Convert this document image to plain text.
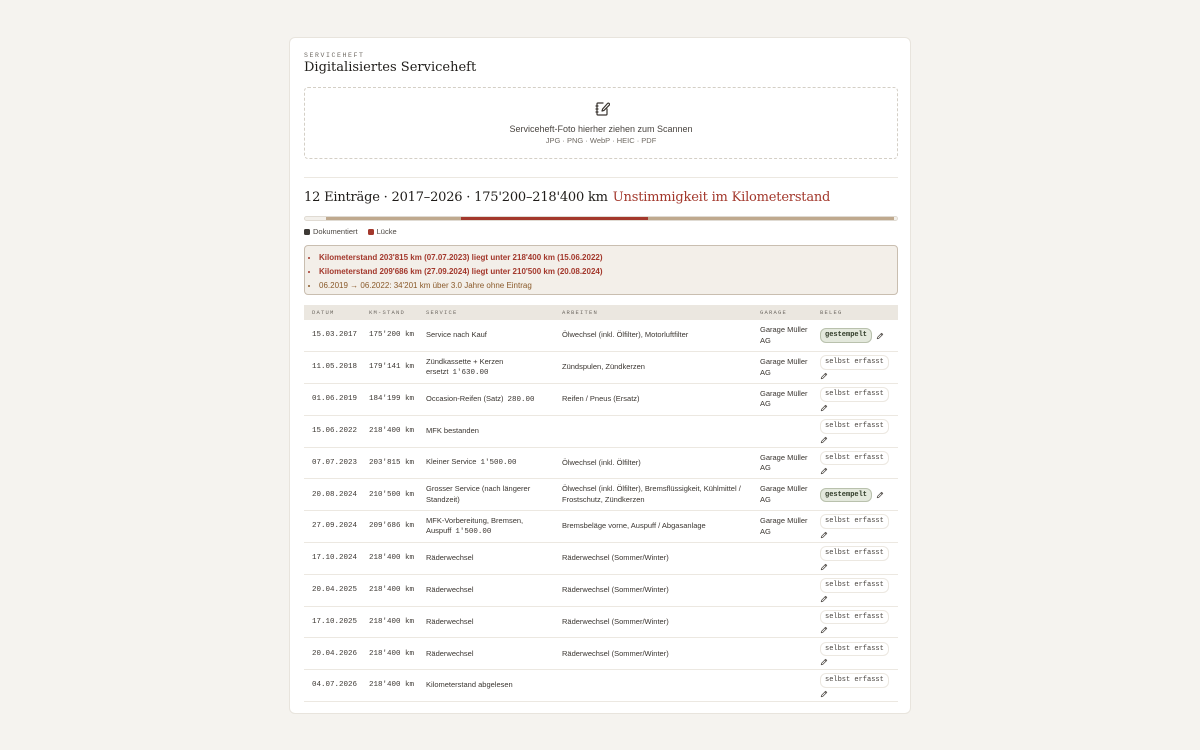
SERVICEHEFT
Digitalisiertes Serviceheft
Serviceheft-Foto hierher ziehen zum Scannen
JPG · PNG · WebP · HEIC · PDF
12 Einträge · 2017–2026 · 175'200–218'400 km Unstimmigkeit im Kilometerstand
Dokumentiert	Lücke
• Kilometerstand 203'815 km (07.07.2023) liegt unter 218'400 km (15.06.2022)
• Kilometerstand 209'686 km (27.09.2024) liegt unter 210'500 km (20.08.2024)
• 06.2019 → 06.2022: 34'201 km über 3.0 Jahre ohne Eintrag
DATUM	KM-STAND	SERVICE	ARBEITEN	GARAGE	BELEG
15.03.2017	175'200 km	Service nach Kauf	Ölwechsel (inkl. Ölfilter), Motorluftfilter	Garage Müller AG	gestempelt

11.05.2018	179'141 km	Zündkassette + Kerzen ersetzt 1'630.00	Zündspulen, Zündkerzen	Garage Müller AG	selbst erfasst

01.06.2019	184'199 km	Occasion-Reifen (Satz) 280.00	Reifen / Pneus (Ersatz)	Garage Müller AG	selbst erfasst

15.06.2022	218'400 km	MFK bestanden			selbst erfasst

07.07.2023	203'815 km	Kleiner Service 1'500.00	Ölwechsel (inkl. Ölfilter)	Garage Müller AG	selbst erfasst

20.08.2024	210'500 km	Grosser Service (nach längerer Standzeit)	Ölwechsel (inkl. Ölfilter), Bremsflüssigkeit, Kühlmittel / Frostschutz, Zündkerzen	Garage Müller AG	gestempelt

27.09.2024	209'686 km	MFK-Vorbereitung, Bremsen, Auspuff 1'500.00	Bremsbeläge vorne, Auspuff / Abgasanlage	Garage Müller AG	selbst erfasst

17.10.2024	218'400 km	Räderwechsel	Räderwechsel (Sommer/Winter)		selbst erfasst

20.04.2025	218'400 km	Räderwechsel	Räderwechsel (Sommer/Winter)		selbst erfasst

17.10.2025	218'400 km	Räderwechsel	Räderwechsel (Sommer/Winter)		selbst erfasst

20.04.2026	218'400 km	Räderwechsel	Räderwechsel (Sommer/Winter)		selbst erfasst

04.07.2026	218'400 km	Kilometerstand abgelesen			selbst erfasst
